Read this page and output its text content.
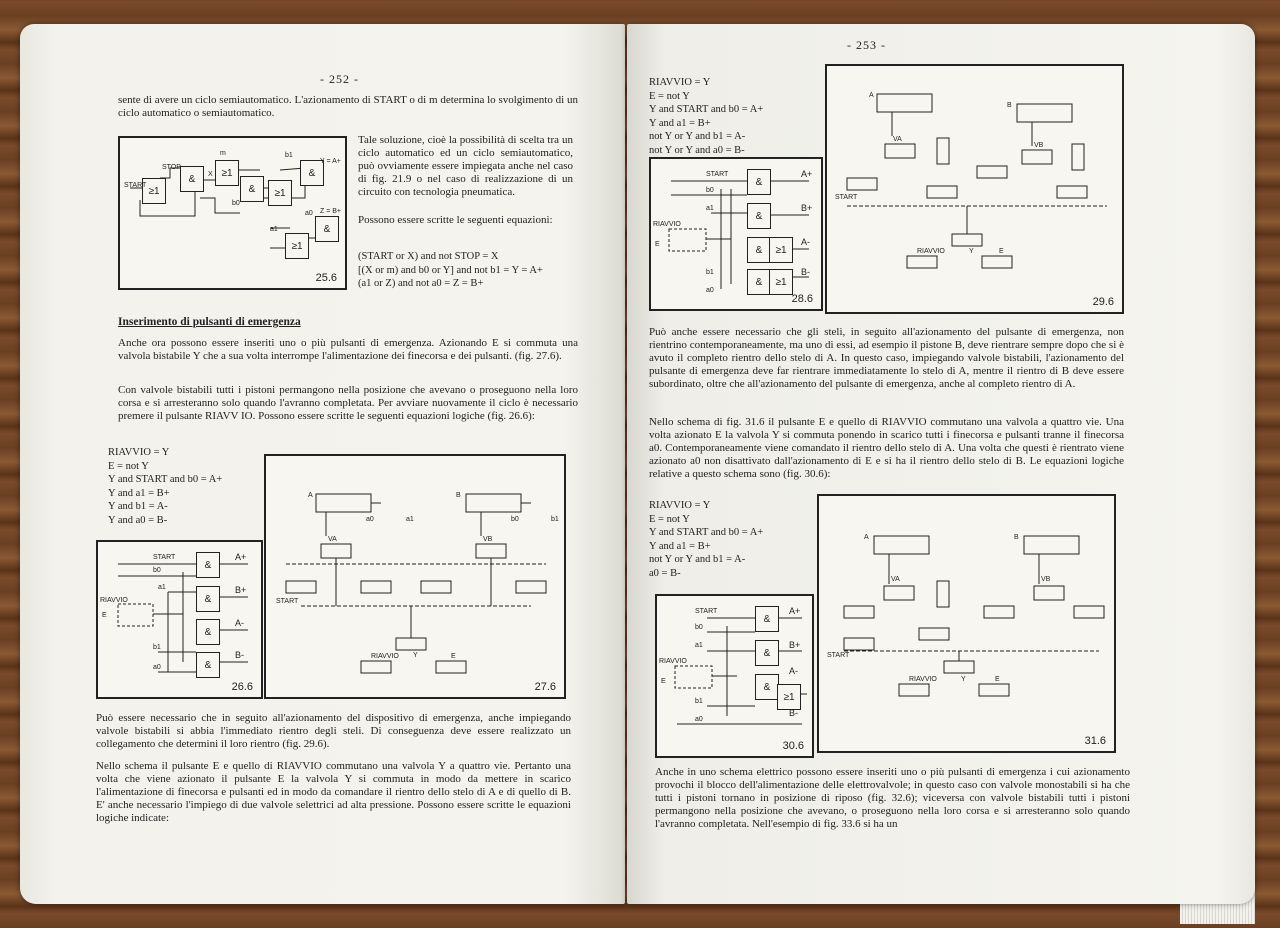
- 252 -
sente di avere un ciclo semiautomatico. L'azionamento di START o di m determina lo svolgimento di un ciclo automatico o semiautomatico.
≥1
&
≥1
&	≥1
&
≥1
&
START
STOP
m	b1
a1
a0
X
b0
Y = A+
Z = B+
25.6
Tale soluzione, cioè la possibilità di scelta tra un ciclo automatico ed un ciclo semiautomatico, può ovviamente essere impiegata anche nel caso di fig. 21.9 o nel caso di realizzazione di un circuito con tecnologia pneumatica.
Possono essere scritte le seguenti equazioni:
(START or X) and not STOP = X
[(X or m) and b0 or Y] and not b1 = Y = A+
(a1 or Z) and not a0 = Z = B+
Inserimento di pulsanti di emergenza
Anche ora possono essere inseriti uno o più pulsanti di emergenza. Azionando E si commuta una valvola bistabile Y che a sua volta interrompe l'alimentazione dei finecorsa e dei pulsanti. (fig. 27.6).
Con valvole bistabili tutti i pistoni permangono nella posizione che avevano o proseguono nella loro corsa e si arresteranno solo quando l'avranno completata. Per avviare nuovamente il ciclo è necessario premere il pulsante RIAVV IO. Possono essere scritte le seguenti equazioni logiche (fig. 26.6):
RIAVVIO = Y
E = not Y
Y and START and b0 = A+
Y and a1 = B+
Y and b1 = A-
Y and a0 = B-
&
&
&
&
START
b0
a1
RIAVVIO
E
b1
a0
A+
B+
A-
B-
26.6
A	B
VA	VB
a0	a1	b0	b1
START
RIAVVIO Y	E
27.6
Può essere necessario che in seguito all'azionamento del dispositivo di emergenza, anche impiegando valvole bistabili si abbia l'immediato rientro degli steli. Di conseguenza deve essere realizzato un collegamento che determini il loro rientro (fig. 29.6).
Nello schema il pulsante E e quello di RIAVVIO commutano una valvola Y a quattro vie. Pertanto una volta che viene azionato il pulsante E la valvola Y si commuta in modo da mettere in scarico l'alimentazione di finecorsa e pulsanti ed in modo da comandare il rientro dello stelo di A e di quello di B. E' anche necessario l'impiego di due valvole selettrici ad alta pressione. Possono essere scritte le equazioni logiche indicate:
- 253 -
RIAVVIO = Y
E = not Y
Y and START and b0 = A+
Y and a1 = B+
not Y or Y and b1 = A-
not Y or Y and a0 = B-
&
&
&	≥1
&	≥1
START
b0
a1
RIAVVIO
E
b1
a0
A+
B+
A-
B-
28.6
A
B
VA
VB
START
RIAVVIO	Y	E
29.6
Può anche essere necessario che gli steli, in seguito all'azionamento del pulsante di emergenza, non rientrino contemporaneamente, ma uno di essi, ad esempio il pistone B, deve rientrare sempre dopo che si è avuto il completo rientro dello stelo di A. In questo caso, impiegando valvole bistabili, l'azionamento del pulsante di emergenza deve far rientrare immediatamente lo stelo di A, mentre il rientro di B deve essere subordinato, oltre che all'azionamento del pulsante di emergenza, anche al completo rientro di A.
Nello schema di fig. 31.6 il pulsante E e quello di RIAVVIO commutano una valvola a quattro vie. Una volta azionato E la valvola Y si commuta ponendo in scarico tutti i finecorsa e pulsanti tranne il finecorsa a0. Contemporaneamente viene comandato il rientro dello stelo di A. Una volta che questi è rientrato viene azionato a0 non disattivato dall'azionamento di E e si ha il rientro dello stelo di B. Le equazioni logiche relative a questo schema sono (fig. 30.6):
RIAVVIO = Y
E = not Y
Y and START and b0 = A+
Y and a1 = B+
not Y or Y and b1 = A-
a0 = B-
&
&
&
≥1
START
b0
a1
RIAVVIO
E
b1
a0
A+
B+
A-
B-
30.6
A	B
VA	VB
START
RIAVVIO	Y	E
31.6
Anche in uno schema elettrico possono essere inseriti uno o più pulsanti di emergenza i cui azionamento provochi il blocco dell'alimentazione delle elettrovalvole; in questo caso con valvole monostabili si ha che tutti i pistoni tornano in posizione di riposo (fig. 32.6); viceversa con valvole bistabili tutti i pistoni permangono nella posizione che avevano, o proseguono nella loro corsa e si arresteranno solo quando l'avranno completata. Nell'esempio di fig. 33.6 si ha un
